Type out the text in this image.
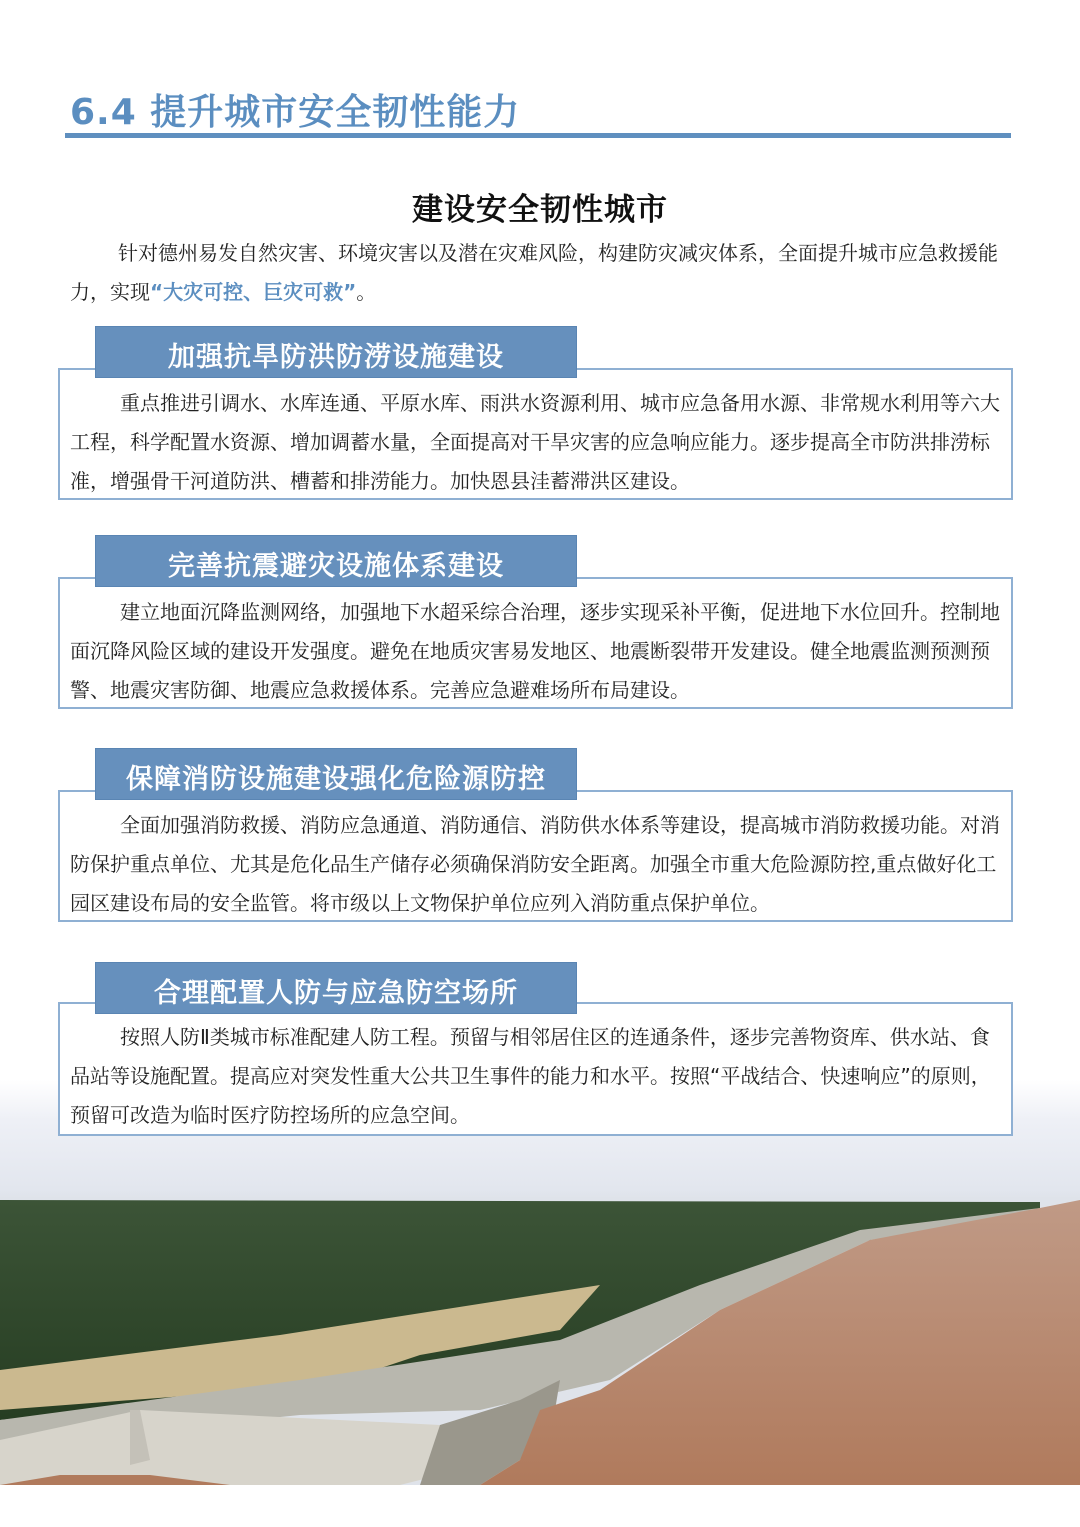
6.4 提升城市安全韧性能力
建设安全韧性城市

针对德州易发自然灾害、环境灾害以及潜在灾难风险，构建防灾减灾体系，全面提升城市应急救援能力，实现“大灾可控、巨灾可救”。

重点推进引调水、水库连通、平原水库、雨洪水资源利用、城市应急备用水源、非常规水利用等六大工程，科学配置水资源、增加调蓄水量，全面提高对干旱灾害的应急响应能力。逐步提高全市防洪排涝标准，增强骨干河道防洪、槽蓄和排涝能力。加快恩县洼蓄滞洪区建设。

加强抗旱防洪防涝设施建设

建立地面沉降监测网络，加强地下水超采综合治理，逐步实现采补平衡，促进地下水位回升。控制地面沉降风险区域的建设开发强度。避免在地质灾害易发地区、地震断裂带开发建设。健全地震监测预测预警、地震灾害防御、地震应急救援体系。完善应急避难场所布局建设。

完善抗震避灾设施体系建设

全面加强消防救援、消防应急通道、消防通信、消防供水体系等建设，提高城市消防救援功能。对消防保护重点单位、尤其是危化品生产储存必须确保消防安全距离。加强全市重大危险源防控,重点做好化工园区建设布局的安全监管。将市级以上文物保护单位应列入消防重点保护单位。

保障消防设施建设强化危险源防控

按照人防Ⅱ类城市标准配建人防工程。预留与相邻居住区的连通条件，逐步完善物资库、供水站、食品站等设施配置。提高应对突发性重大公共卫生事件的能力和水平。按照“平战结合、快速响应”的原则，预留可改造为临时医疗防控场所的应急空间。

合理配置人防与应急防空场所
